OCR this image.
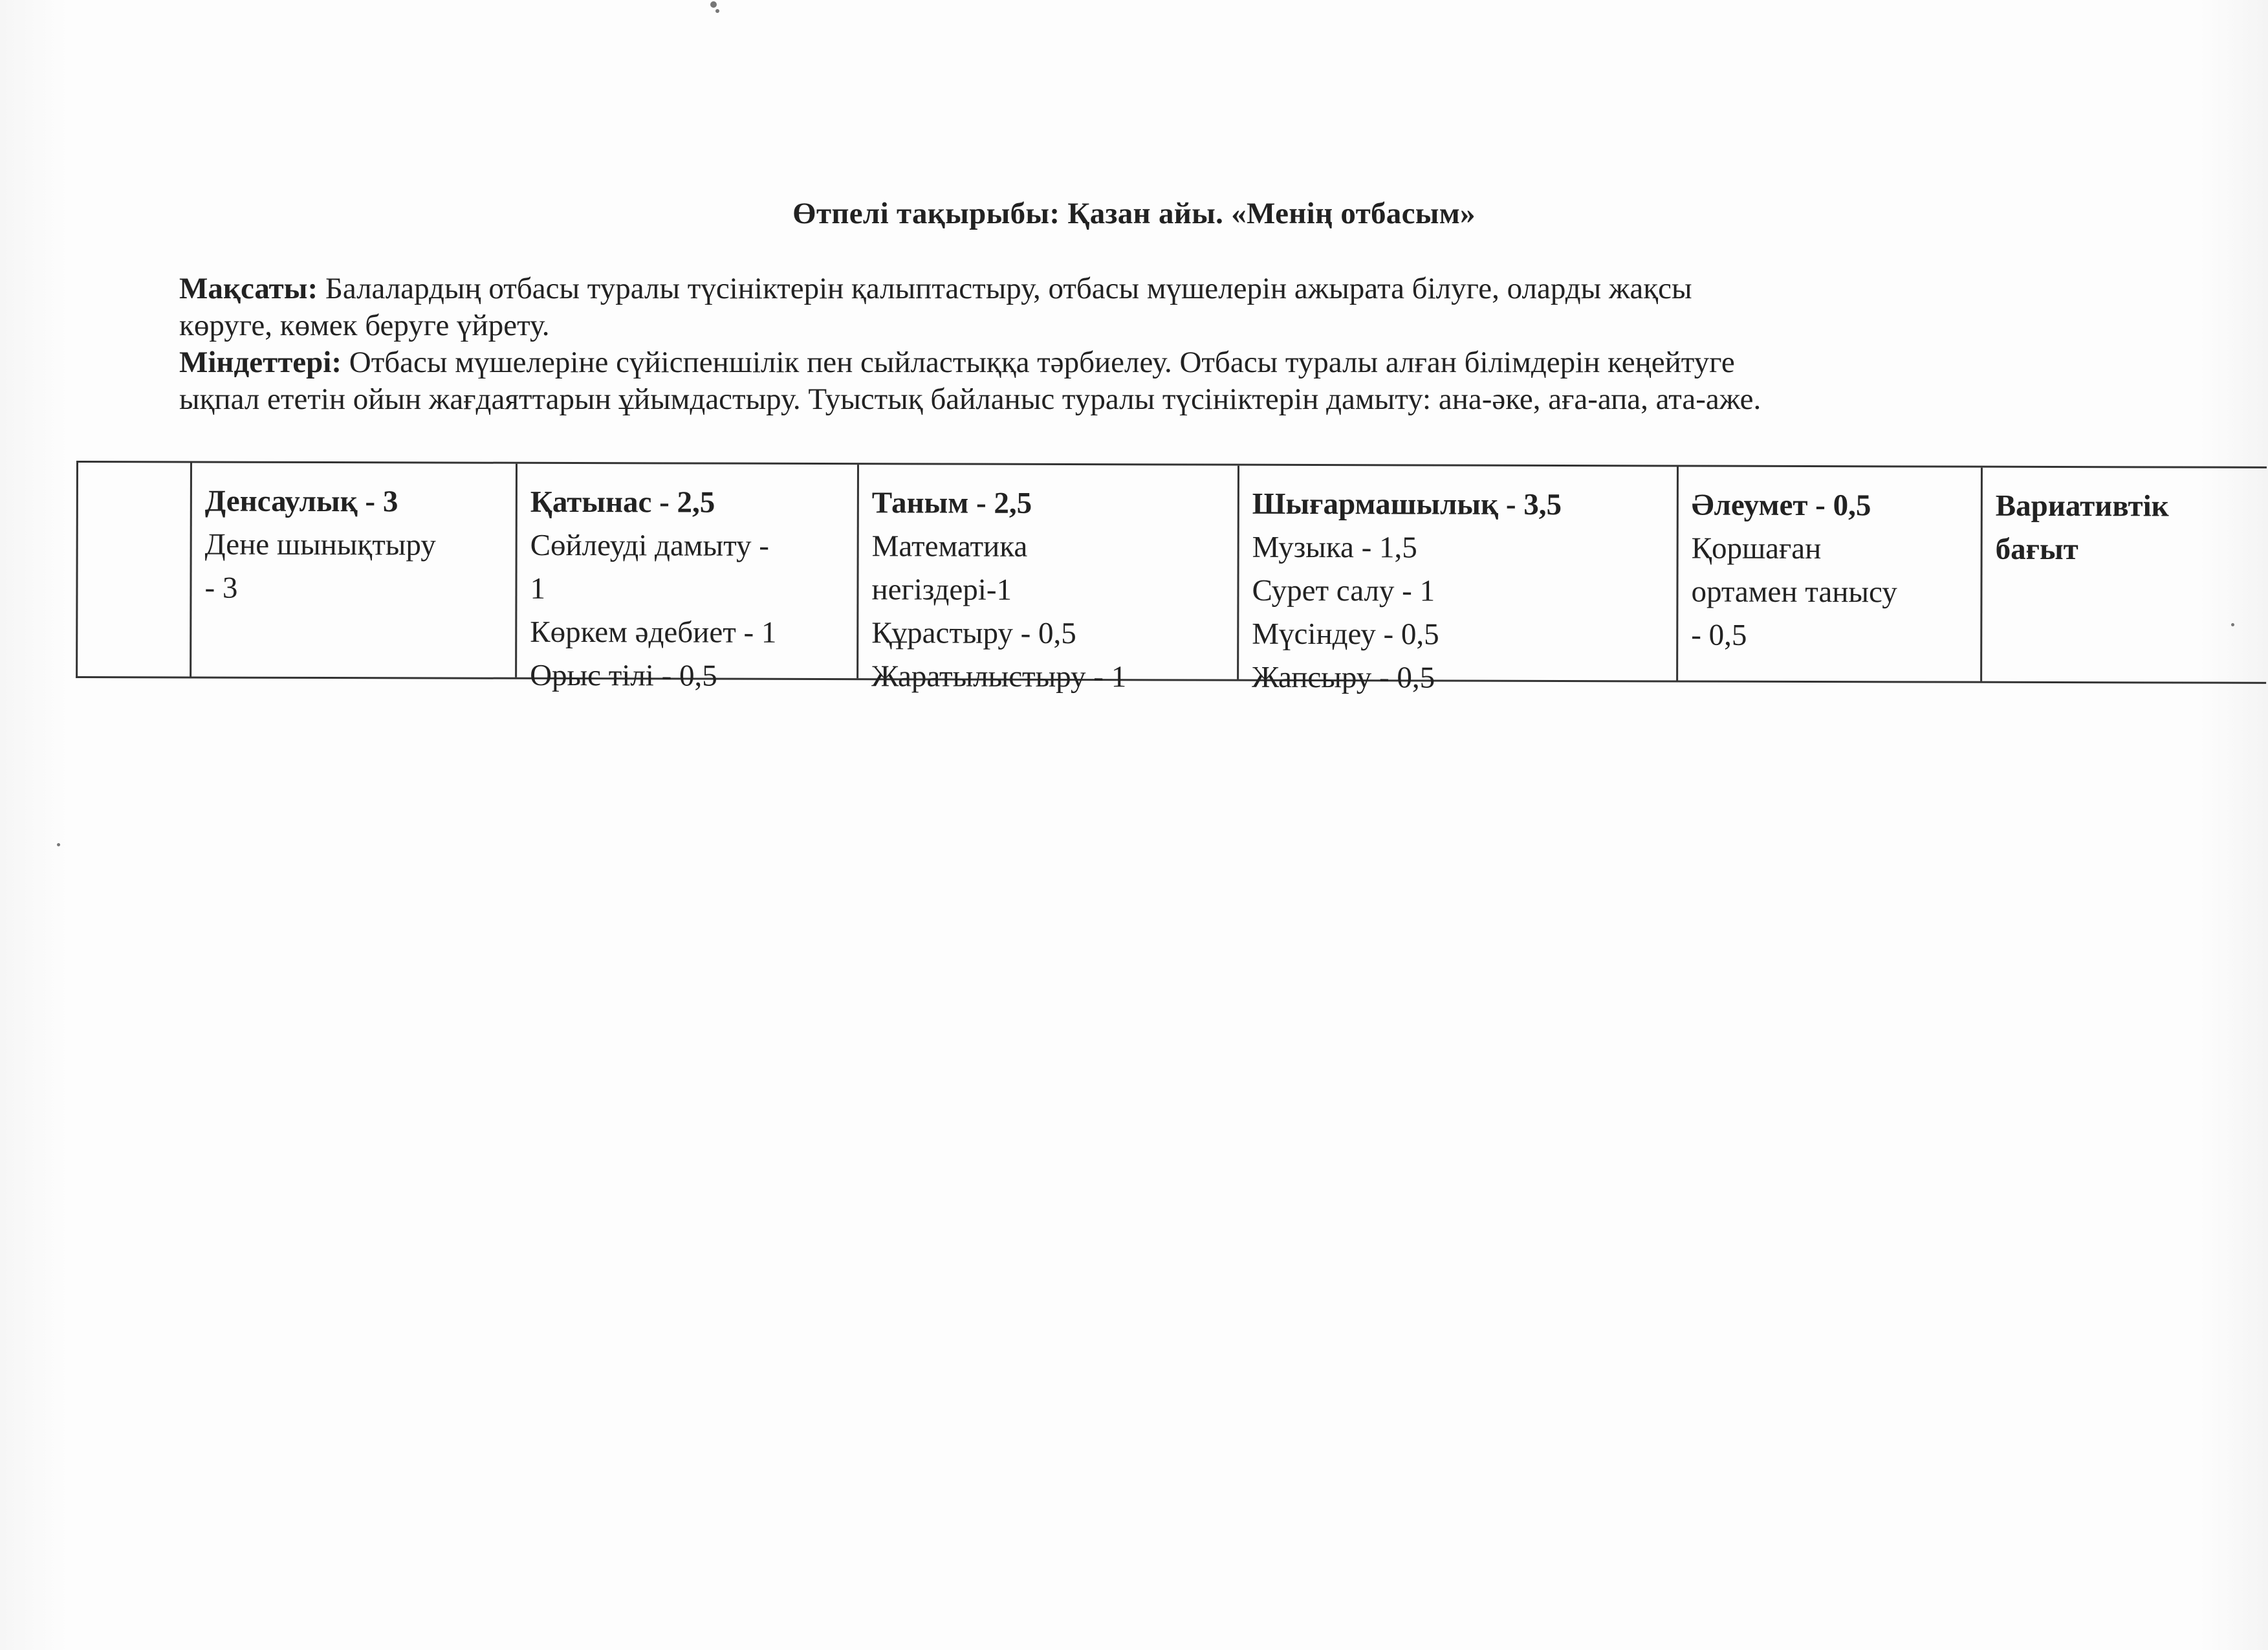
Өтпелі тақырыбы: Қазан айы. «Менің отбасым»

Мақсаты: Балалардың отбасы туралы түсініктерін қалыптастыру, отбасы мүшелерін ажырата білуге, оларды жақсы

көруге, көмек беруге үйрету.

Міндеттері: Отбасы мүшелеріне сүйіспеншілік пен сыйластыққа тәрбиелеу. Отбасы туралы алған білімдерін кеңейтуге

ықпал ететін ойын жағдаяттарын ұйымдастыру. Туыстық байланыс туралы түсініктерін дамыту: ана-әке, аға-апа, ата-аже.

Денсаулық - 3
Дене шынықтыру
- 3
Қатынас - 2,5
Сөйлеуді дамыту -
1
Көркем әдебиет - 1
Орыс тілі - 0,5
Таным - 2,5
Математика
негіздері-1
Құрастыру - 0,5
Жаратылыстыру - 1
Шығармашылық - 3,5
Музыка - 1,5
Сурет салу - 1
Мүсіндеу - 0,5
Жапсыру - 0,5
Әлеумет - 0,5
Қоршаған
ортамен танысу
- 0,5
Вариативтік
бағыт
